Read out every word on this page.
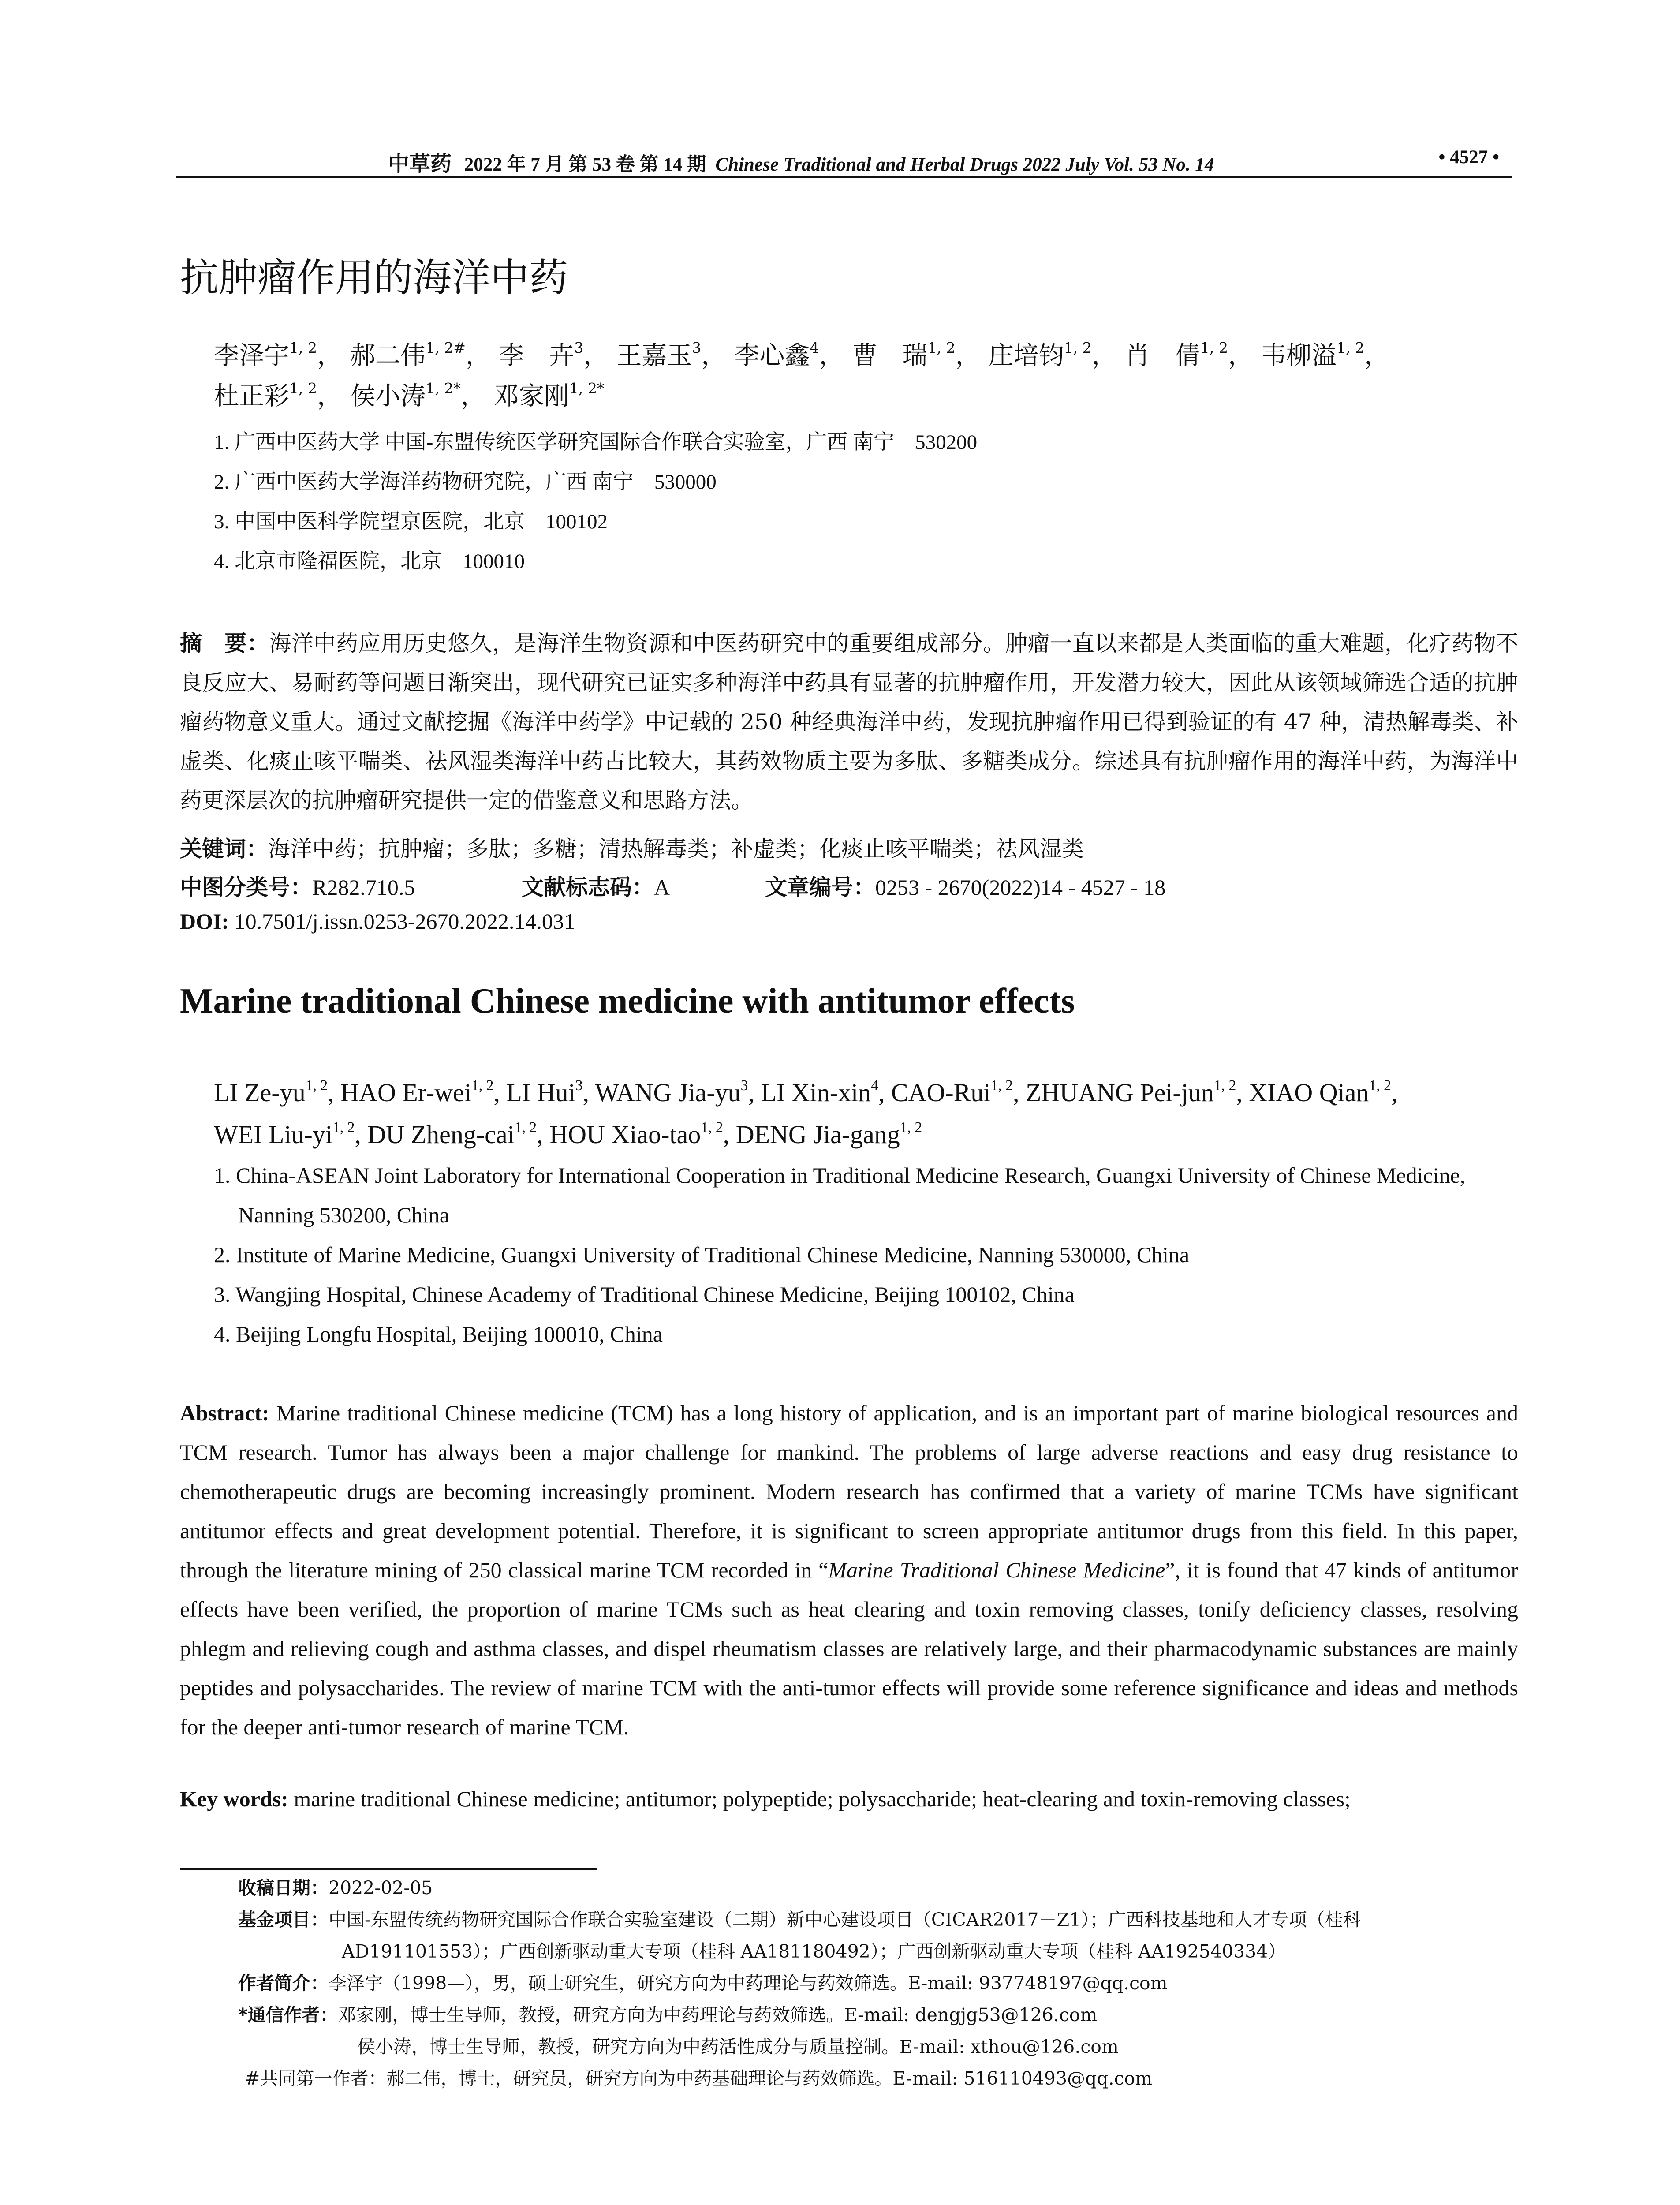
中草药 2022 年 7 月 第 53 卷 第 14 期 Chinese Traditional and Herbal Drugs 2022 July Vol. 53 No. 14	• 4527 •
抗肿瘤作用的海洋中药
李泽宇$^{1, 2}$， 郝二伟$^{1, 2\#}$， 李　卉$^3$， 王嘉玉$^3$， 李心鑫$^4$， 曹　瑞$^{1, 2}$， 庄培钧$^{1, 2}$， 肖　倩$^{1, 2}$， 韦柳溢$^{1, 2}$，
杜正彩$^{1, 2}$， 侯小涛$^{1, 2*}$， 邓家刚$^{1, 2*}$
1. 广西中医药大学 中国-东盟传统医学研究国际合作联合实验室，广西 南宁　530200
2. 广西中医药大学海洋药物研究院，广西 南宁　530000
3. 中国中医科学院望京医院，北京　100102
4. 北京市隆福医院，北京　100010
摘　要：海洋中药应用历史悠久，是海洋生物资源和中医药研究中的重要组成部分。肿瘤一直以来都是人类面临的重大难题，化疗药物不良反应大、易耐药等问题日渐突出，现代研究已证实多种海洋中药具有显著的抗肿瘤作用，开发潜力较大，因此从该领域筛选合适的抗肿瘤药物意义重大。通过文献挖掘《海洋中药学》中记载的 250 种经典海洋中药，发现抗肿瘤作用已得到验证的有 47 种，清热解毒类、补虚类、化痰止咳平喘类、祛风湿类海洋中药占比较大，其药效物质主要为多肽、多糖类成分。综述具有抗肿瘤作用的海洋中药，为海洋中药更深层次的抗肿瘤研究提供一定的借鉴意义和思路方法。
关键词：海洋中药；抗肿瘤；多肽；多糖；清热解毒类；补虚类；化痰止咳平喘类；祛风湿类
中图分类号：R282.710.5	文献标志码：A	文章编号：0253 - 2670(2022)14 - 4527 - 18
DOI: 10.7501/j.issn.0253-2670.2022.14.031
Marine traditional Chinese medicine with antitumor effects
LI Ze-yu$^{1, 2}$, HAO Er-wei$^{1, 2}$, LI Hui$^3$, WANG Jia-$yu^3$, LI Xin-xin$^4$, CAO-Rui$^{1, 2}$, ZHUANG Pei-jun$^{1, 2}$, XIAO Qian$^{1, 2}$,
WEI Liu-yi$^{1, 2}$, DU Zheng-cai$^{1, 2}$, HOU Xiao-tao$^{1, 2}$, DENG Jia-gang$^{1, 2}$
1. China-ASEAN Joint Laboratory for International Cooperation in Traditional Medicine Research, Guangxi University of Chinese Medicine, Nanning 530200, China
2. Institute of Marine Medicine, Guangxi University of Traditional Chinese Medicine, Nanning 530000, China
3. Wangjing Hospital, Chinese Academy of Traditional Chinese Medicine, Beijing 100102, China
4. Beijing Longfu Hospital, Beijing 100010, China
Abstract: Marine traditional Chinese medicine (TCM) has a long history of application, and is an important part of marine biological resources and TCM research. Tumor has always been a major challenge for mankind. The problems of large adverse reactions and easy drug resistance to chemotherapeutic drugs are becoming increasingly prominent. Modern research has confirmed that a variety of marine TCMs have significant antitumor effects and great development potential. Therefore, it is significant to screen appropriate antitumor drugs from this field. In this paper, through the literature mining of 250 classical marine TCM recorded in “Marine Traditional Chinese Medicine”, it is found that 47 kinds of antitumor effects have been verified, the proportion of marine TCMs such as heat clearing and toxin removing classes, tonify deficiency classes, resolving phlegm and relieving cough and asthma classes, and dispel rheumatism classes are relatively large, and their pharmacodynamic substances are mainly peptides and polysaccharides. The review of marine TCM with the anti-tumor effects will provide some reference significance and ideas and methods for the deeper anti-tumor research of marine TCM.
Key words: marine traditional Chinese medicine; antitumor; polypeptide; polysaccharide; heat-clearing and toxin-removing classes;
收稿日期：2022-02-05
基金项目：中国-东盟传统药物研究国际合作联合实验室建设（二期）新中心建设项目（CICAR2017－Z1）；广西科技基地和人才专项（桂科
AD191101553）；广西创新驱动重大专项（桂科 AA181180492）；广西创新驱动重大专项（桂科 AA192540334）
作者简介：李泽宇（1998—），男，硕士研究生，研究方向为中药理论与药效筛选。E-mail: 937748197@qq.com
*通信作者：邓家刚，博士生导师，教授，研究方向为中药理论与药效筛选。E-mail: dengjg53@126.com
侯小涛，博士生导师，教授，研究方向为中药活性成分与质量控制。E-mail: xthou@126.com
#共同第一作者：郝二伟，博士，研究员，研究方向为中药基础理论与药效筛选。E-mail: 516110493@qq.com
